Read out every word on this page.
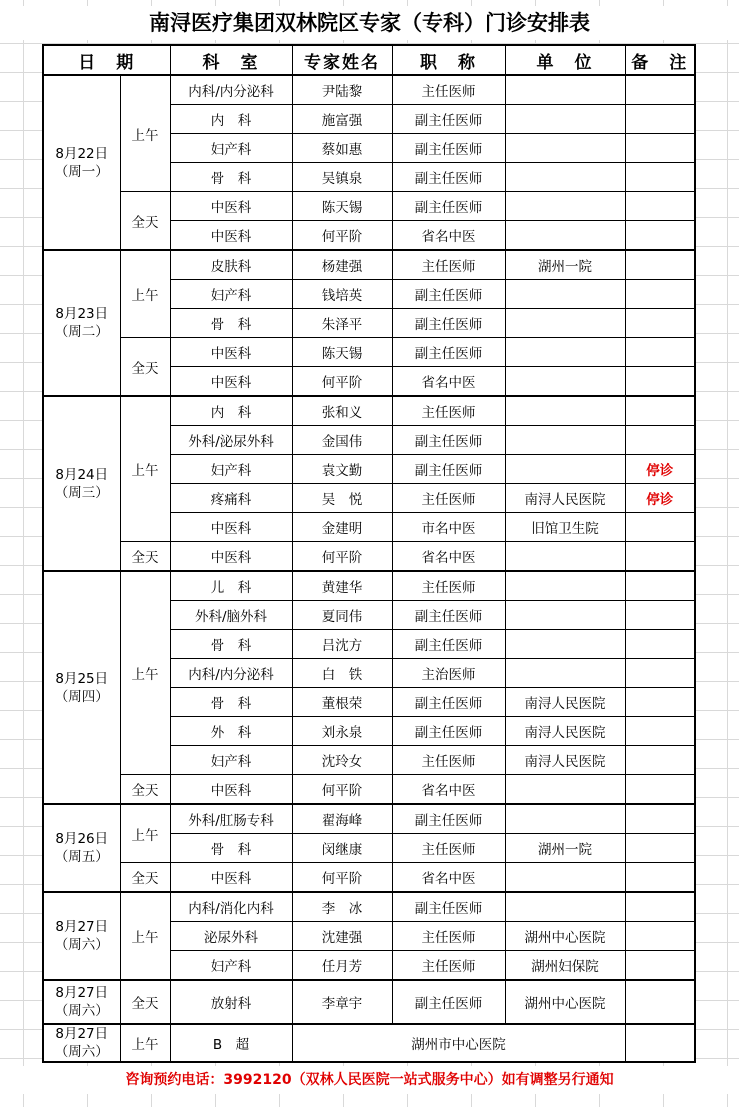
南浔医疗集团双林院区专家（专科）门诊安排表
日　期		科　室	专家姓名	职　称	单　位	备　注

8月22日
（周一）	上午	内科/内分泌科	尹陆黎	主任医师		
		内　科	施富强	副主任医师		
		妇产科	蔡如惠	副主任医师		
		骨　科	吴镇泉	副主任医师		
	全天	中医科	陈天锡	副主任医师		
		中医科	何平阶	省名中医		

8月23日
（周二）	上午	皮肤科	杨建强	主任医师	湖州一院	
		妇产科	钱培英	副主任医师		
		骨　科	朱泽平	副主任医师		
	全天	中医科	陈天锡	副主任医师		
		中医科	何平阶	省名中医		

8月24日
（周三）	上午	内　科	张和义	主任医师		
		外科/泌尿外科	金国伟	副主任医师		
		妇产科	袁文勤	副主任医师		停诊
		疼痛科	吴　悦	主任医师	南浔人民医院	停诊
		中医科	金建明	市名中医	旧馆卫生院	
	全天	中医科	何平阶	省名中医		

8月25日
（周四）	上午	儿　科	黄建华	主任医师		
		外科/脑外科	夏同伟	副主任医师		
		骨　科	吕沈方	副主任医师		
		内科/内分泌科	白　铁	主治医师		
		骨　科	董根荣	副主任医师	南浔人民医院	
		外　科	刘永泉	副主任医师	南浔人民医院	
		妇产科	沈玲女	主任医师	南浔人民医院	
	全天	中医科	何平阶	省名中医		

8月26日
（周五）	上午	外科/肛肠专科	翟海峰	副主任医师		
		骨　科	闵继康	主任医师	湖州一院	
	全天	中医科	何平阶	省名中医		

8月27日
（周六）	上午	内科/消化内科	李　冰	副主任医师		
		泌尿外科	沈建强	主任医师	湖州中心医院	
		妇产科	任月芳	主任医师	湖州妇保院	

8月27日
（周六）	全天	放射科	李章宇	副主任医师	湖州中心医院	

8月27日
（周六）	上午	B　超	湖州市中心医院			
咨询预约电话：3992120（双林人民医院一站式服务中心）如有调整另行通知
